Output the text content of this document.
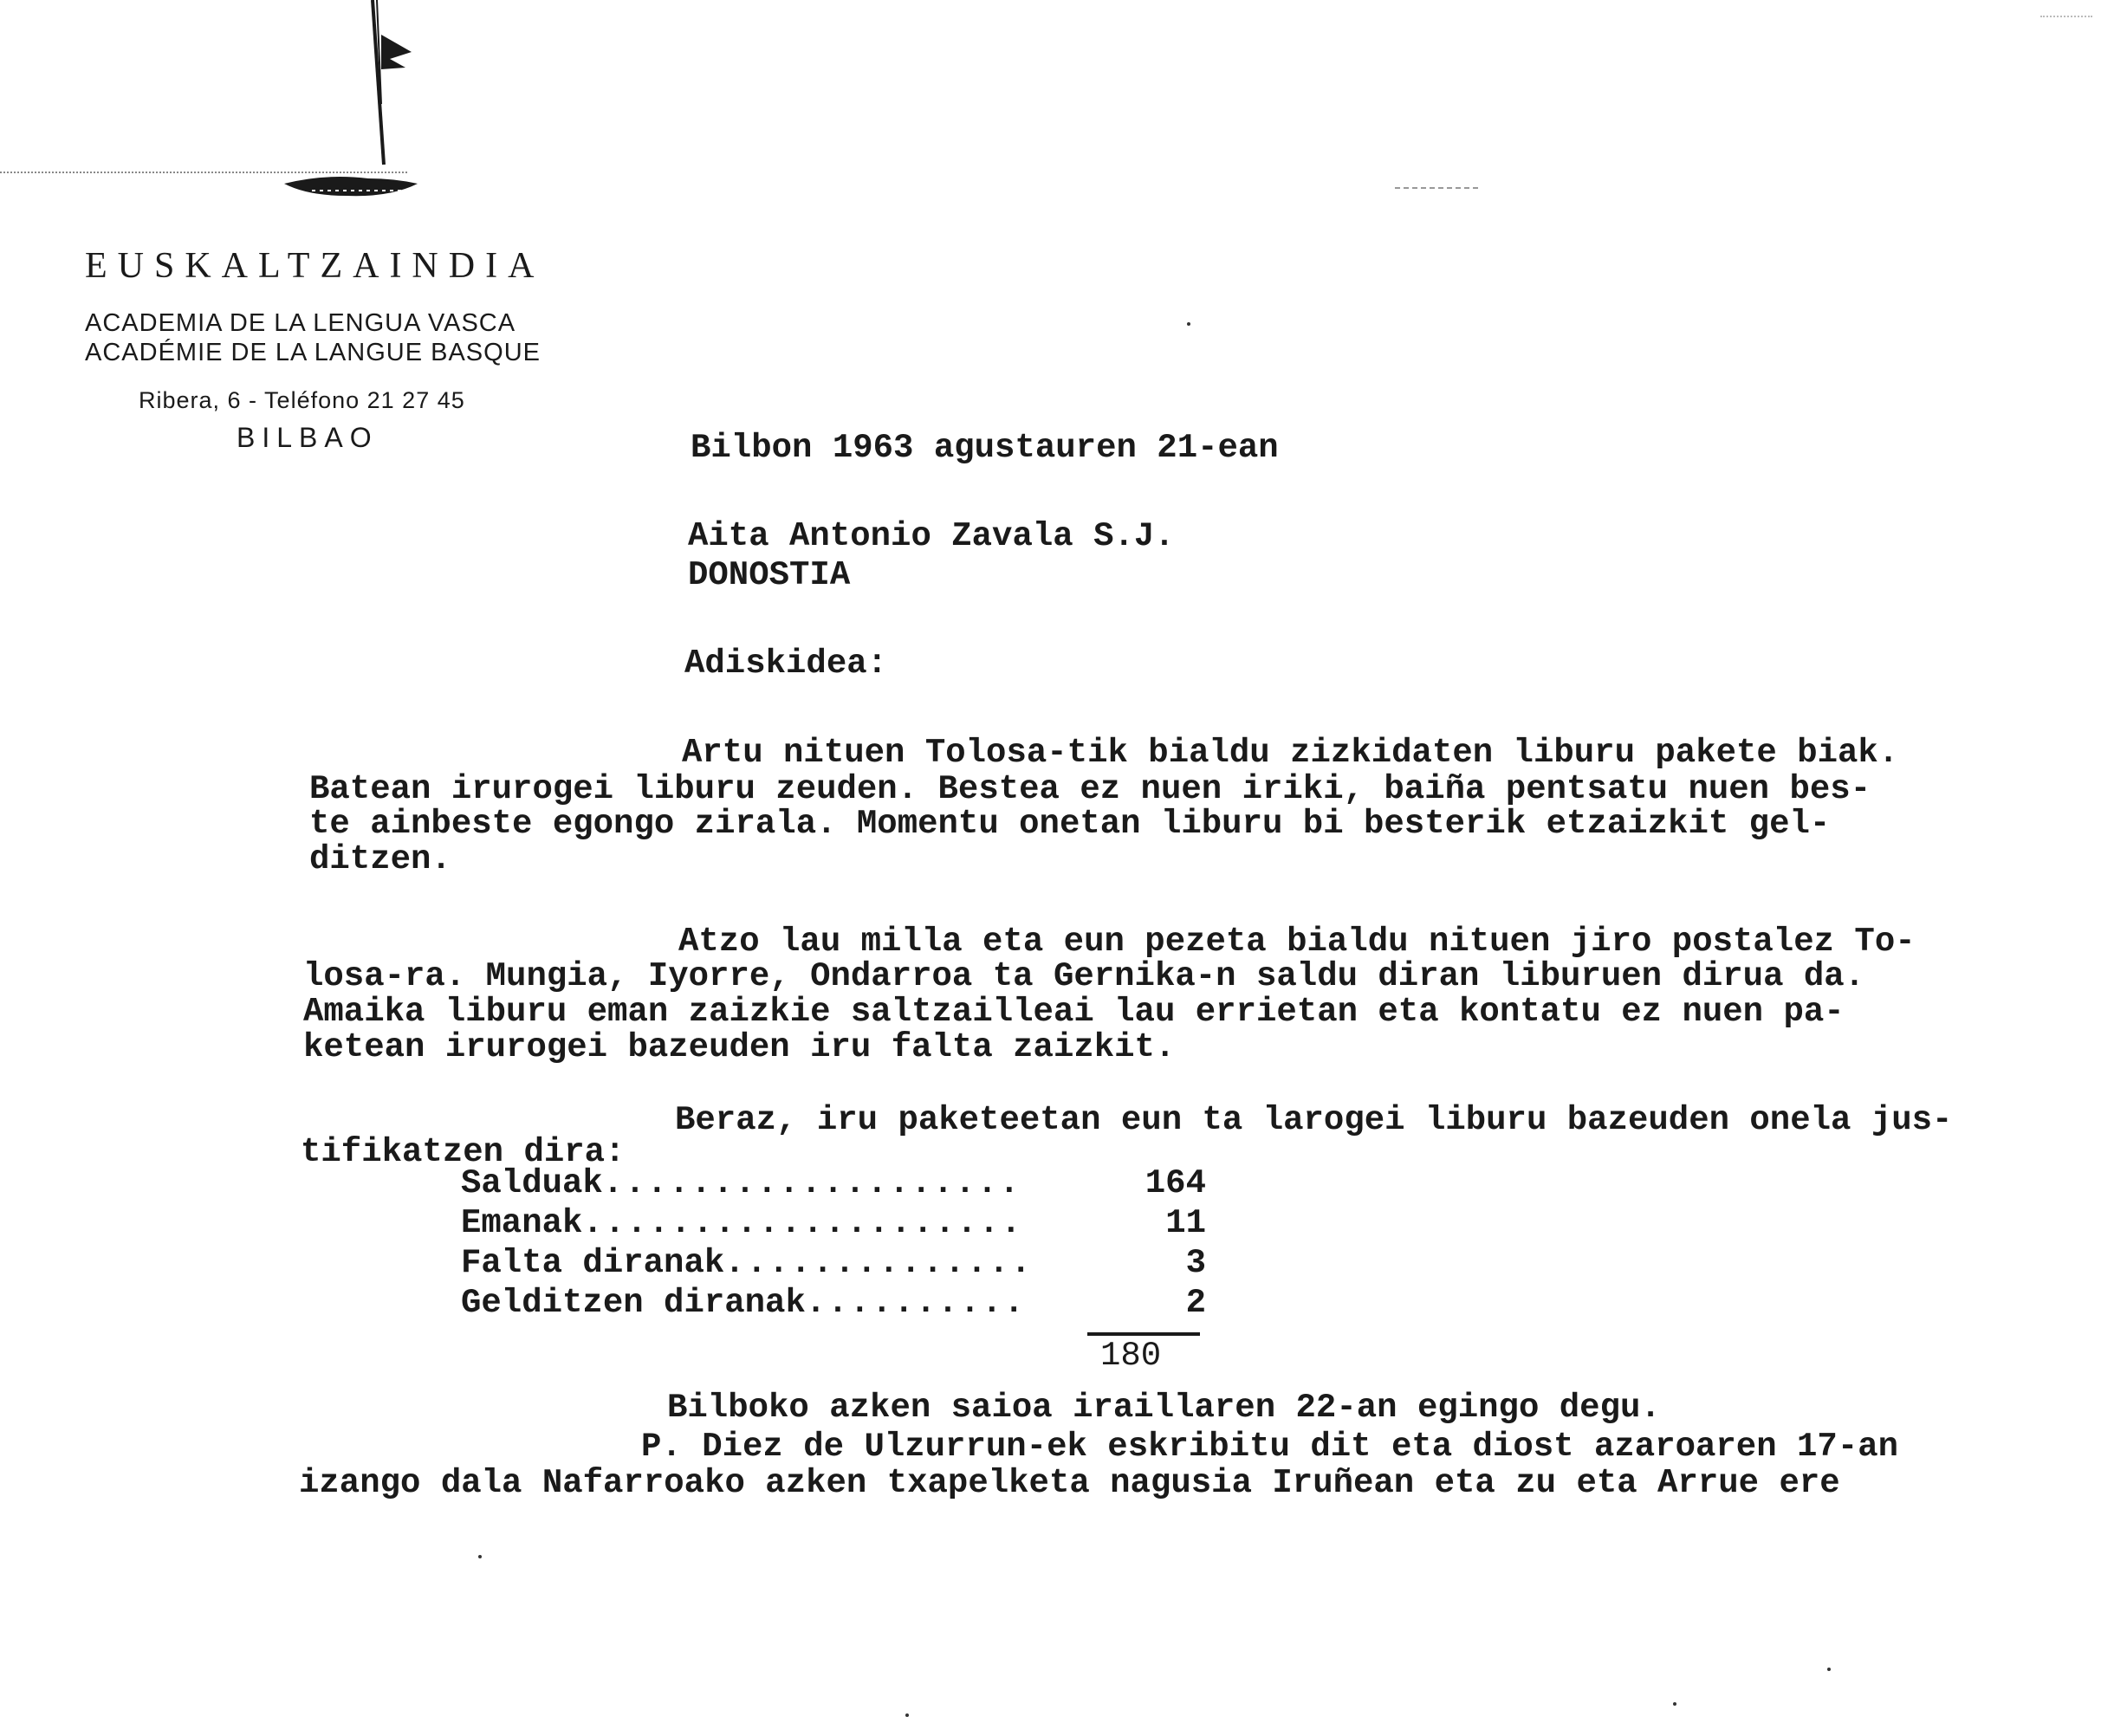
EUSKALTZAINDIA
ACADEMIA DE LA LENGUA VASCA
ACADÉMIE DE LA LANGUE BASQUE
Ribera, 6 - Teléfono 21 27 45
BILBAO	Bilbon 1963 agustauren 21-ean
Aita Antonio Zavala S.J.
DONOSTIA
Adiskidea:
Artu nituen Tolosa-tik bialdu zizkidaten liburu pakete biak.
Batean irurogei liburu zeuden. Bestea ez nuen iriki, baiña pentsatu nuen bes-
te ainbeste egongo zirala. Momentu onetan liburu bi besterik etzaizkit gel-
ditzen.
Atzo lau milla eta eun pezeta bialdu nituen jiro postalez To-
losa-ra. Mungia, Iyorre, Ondarroa ta Gernika-n saldu diran liburuen dirua da.
Amaika liburu eman zaizkie saltzailleai lau errietan eta kontatu ez nuen pa-
ketean irurogei bazeuden iru falta zaizkit.
Beraz, iru paketeetan eun ta larogei liburu bazeuden onela jus-
tifikatzen dira:
Salduak ...................	164
Emanak ....................	11
Falta diranak ..............	3
Gelditzen diranak ..........	2
180
Bilboko azken saioa iraillaren 22-an egingo degu.
P. Diez de Ulzurrun-ek eskribitu dit eta diost azaroaren 17-an
izango dala Nafarroako azken txapelketa nagusia Iruñean eta zu eta Arrue ere
